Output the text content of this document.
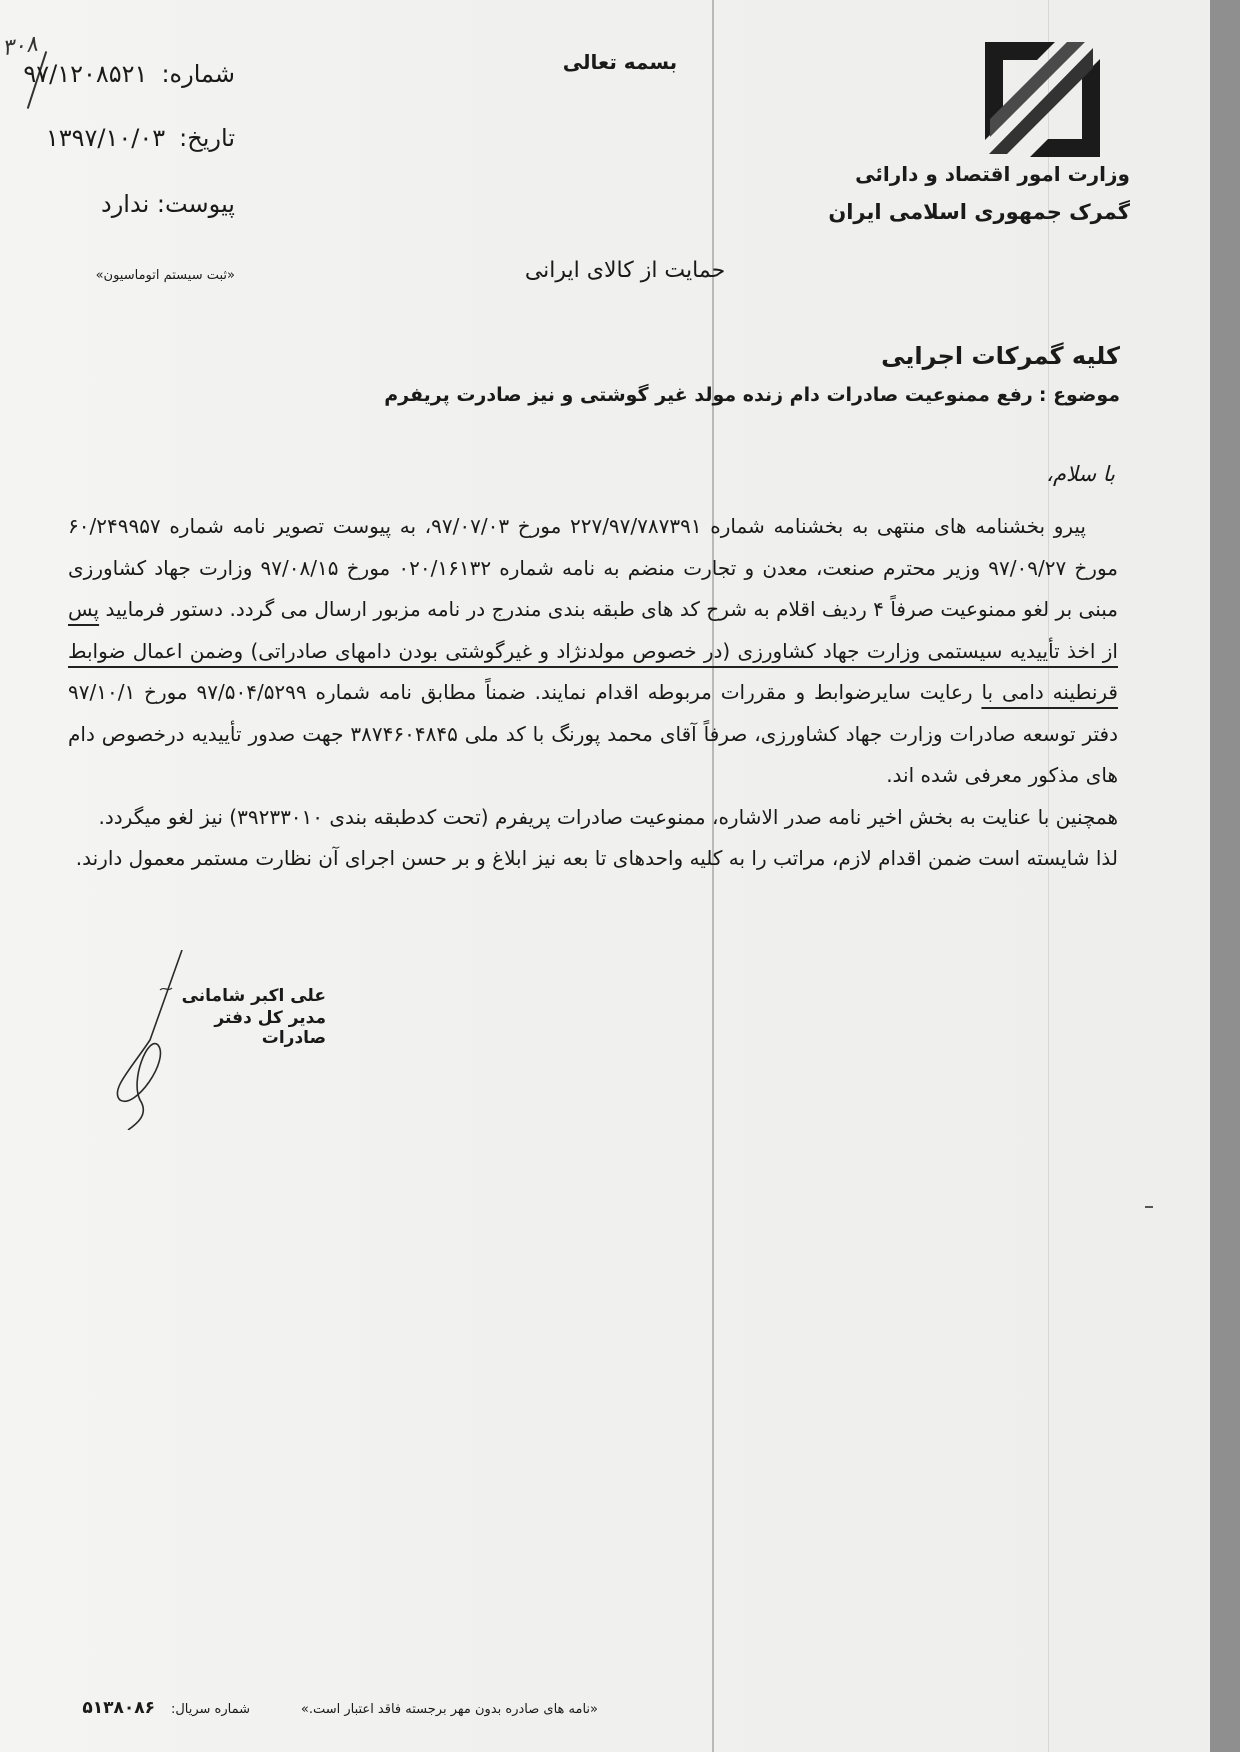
وزارت امور اقتصاد و دارائی
گمرک جمهوری اسلامی ایران
بسمه تعالی
حمایت از کالای ایرانی
۳۰۸
شماره:۹۷/۱۲۰۸۵۲۱
تاریخ:۱۳۹۷/۱۰/۰۳
پیوست: ندارد
«ثبت سیستم اتوماسیون»
کلیه گمرکات اجرایی
موضوع :رفع ممنوعیت صادرات دام زنده مولد غیر گوشتی و نیز صادرت پریفرم
با سلام،

پیرو بخشنامه های منتهی به بخشنامه شماره ۲۲۷/۹۷/۷۸۷۳۹۱ مورخ ۹۷/۰۷/۰۳، به پیوست تصویر نامه شماره ۶۰/۲۴۹۹۵۷ مورخ ۹۷/۰۹/۲۷ وزیر محترم صنعت، معدن و تجارت منضم به نامه شماره ۰۲۰/۱۶۱۳۲ مورخ ۹۷/۰۸/۱۵ وزارت جهاد کشاورزی مبنی بر لغو ممنوعیت صرفاً ۴ ردیف اقلام به شرح کد های طبقه بندی مندرج در نامه مزبور ارسال می گردد. دستور فرمایید پس از اخذ تأییدیه سیستمی وزارت جهاد کشاورزی (در خصوص مولدنژاد و غیرگوشتی بودن دامهای صادراتی) وضمن اعمال ضوابط قرنطینه دامی با رعایت سایرضوابط و مقررات مربوطه اقدام نمایند. ضمناً مطابق نامه شماره ۹۷/۵۰۴/۵۲۹۹ مورخ ۹۷/۱۰/۱ دفتر توسعه صادرات وزارت جهاد کشاورزی، صرفاً آقای محمد پورنگ با کد ملی ۳۸۷۴۶۰۴۸۴۵ جهت صدور تأییدیه درخصوص دام های مذکور معرفی شده اند.

همچنین با عنایت به بخش اخیر نامه صدر الاشاره، ممنوعیت صادرات پریفرم (تحت کدطبقه بندی ۳۹۲۳۳۰۱۰) نیز لغو میگردد.

لذا شایسته است ضمن اقدام لازم، مراتب را به کلیه واحدهای تا بعه نیز ابلاغ و بر حسن اجرای آن نظارت مستمر معمول دارند.

علی اکبر شامانی
مدیر کل دفتر صادرات
«نامه های صادره بدون مهر برجسته فاقد اعتبار است.»
شماره سریال:
۵۱۳۸۰۸۶
